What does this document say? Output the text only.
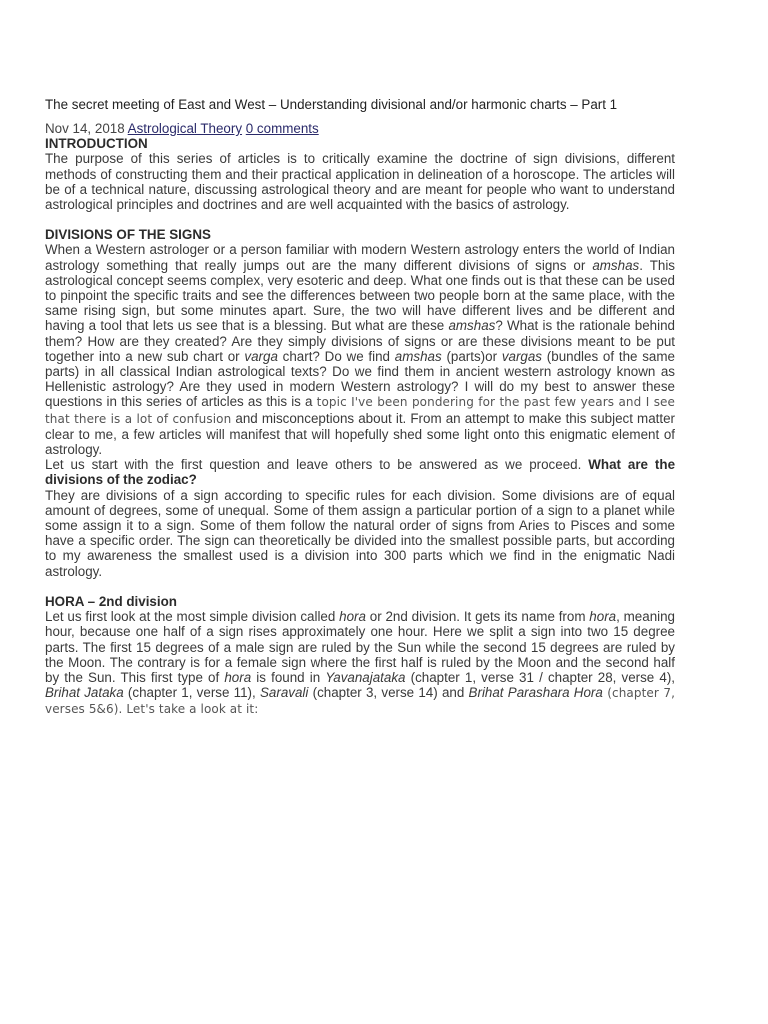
The secret meeting of East and West – Understanding divisional and/or harmonic charts – Part 1

Nov 14, 2018 Astrological Theory 0 comments

INTRODUCTION

The purpose of this series of articles is to critically examine the doctrine of sign divisions, different methods of constructing them and their practical application in delineation of a horoscope. The articles will be of a technical nature, discussing astrological theory and are meant for people who want to understand astrological principles and doctrines and are well acquainted with the basics of astrology.

DIVISIONS OF THE SIGNS

When a Western astrologer or a person familiar with modern Western astrology enters the world of Indian astrology something that really jumps out are the many different divisions of signs or amshas. This astrological concept seems complex, very esoteric and deep. What one finds out is that these can be used to pinpoint the specific traits and see the differences between two people born at the same place, with the same rising sign, but some minutes apart. Sure, the two will have different lives and be different and having a tool that lets us see that is a blessing. But what are these amshas? What is the rationale behind them? How are they created? Are they simply divisions of signs or are these divisions meant to be put together into a new sub chart or varga chart? Do we find amshas (parts)or vargas (bundles of the same parts) in all classical Indian astrological texts? Do we find them in ancient western astrology known as Hellenistic astrology? Are they used in modern Western astrology? I will do my best to answer these questions in this series of articles as this is a topic I've been pondering for the past few years and I see that there is a lot of confusion and misconceptions about it. From an attempt to make this subject matter clear to me, a few articles will manifest that will hopefully shed some light onto this enigmatic element of astrology.

Let us start with the first question and leave others to be answered as we proceed. What are the divisions of the zodiac?

They are divisions of a sign according to specific rules for each division. Some divisions are of equal amount of degrees, some of unequal. Some of them assign a particular portion of a sign to a planet while some assign it to a sign. Some of them follow the natural order of signs from Aries to Pisces and some have a specific order. The sign can theoretically be divided into the smallest possible parts, but according to my awareness the smallest used is a division into 300 parts which we find in the enigmatic Nadi astrology.

HORA – 2nd division

Let us first look at the most simple division called hora or 2nd division. It gets its name from hora, meaning hour, because one half of a sign rises approximately one hour. Here we split a sign into two 15 degree parts. The first 15 degrees of a male sign are ruled by the Sun while the second 15 degrees are ruled by the Moon. The contrary is for a female sign where the first half is ruled by the Moon and the second half by the Sun. This first type of hora is found in Yavanajataka (chapter 1, verse 31 / chapter 28, verse 4), Brihat Jataka (chapter 1, verse 11), Saravali (chapter 3, verse 14) and Brihat Parashara Hora (chapter 7, verses 5&6). Let's take a look at it:
